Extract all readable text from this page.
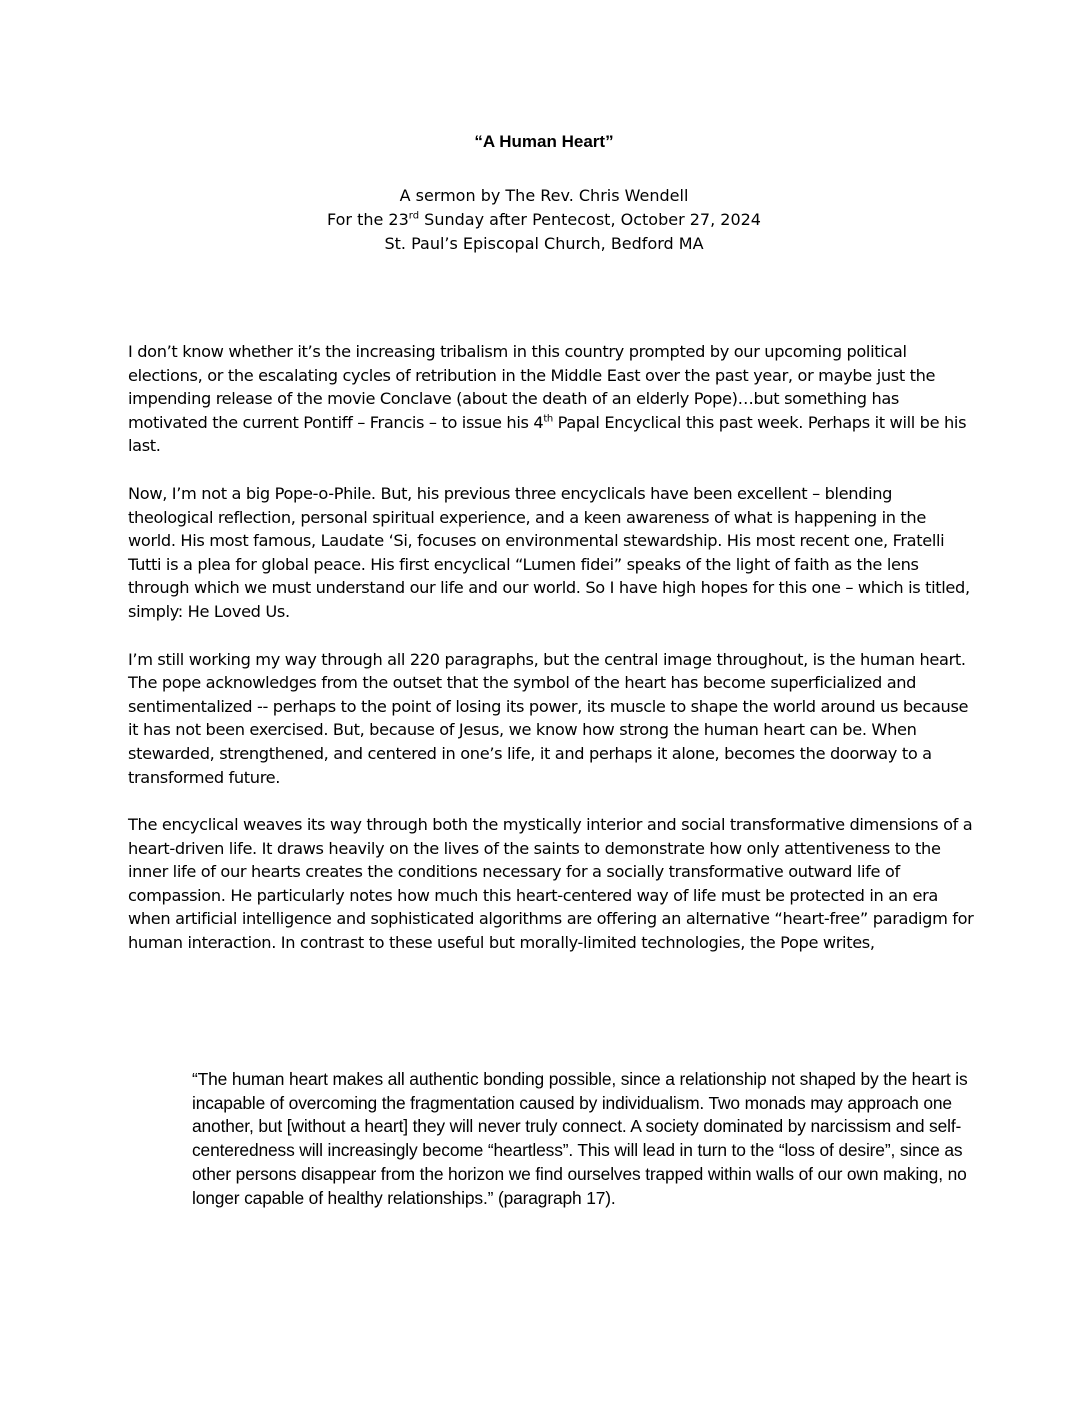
“A Human Heart”
A sermon by The Rev. Chris Wendell
For the 23rd Sunday after Pentecost, October 27, 2024
St. Paul’s Episcopal Church, Bedford MA

I don’t know whether it’s the increasing tribalism in this country prompted by our upcoming political elections, or the escalating cycles of retribution in the Middle East over the past year, or maybe just the impending release of the movie Conclave (about the death of an elderly Pope)…but something has motivated the current Pontiff – Francis – to issue his 4th Papal Encyclical this past week. Perhaps it will be his last.

Now, I’m not a big Pope-o-Phile. But, his previous three encyclicals have been excellent – blending theological reflection, personal spiritual experience, and a keen awareness of what is happening in the world. His most famous, Laudate ‘Si, focuses on environmental stewardship. His most recent one, Fratelli Tutti is a plea for global peace. His first encyclical “Lumen fidei” speaks of the light of faith as the lens through which we must understand our life and our world. So I have high hopes for this one – which is titled, simply: He Loved Us.

I’m still working my way through all 220 paragraphs, but the central image throughout, is the human heart. The pope acknowledges from the outset that the symbol of the heart has become superficialized and sentimentalized -- perhaps to the point of losing its power, its muscle to shape the world around us because it has not been exercised. But, because of Jesus, we know how strong the human heart can be. When stewarded, strengthened, and centered in one’s life, it and perhaps it alone, becomes the doorway to a transformed future.

The encyclical weaves its way through both the mystically interior and social transformative dimensions of a heart-driven life. It draws heavily on the lives of the saints to demonstrate how only attentiveness to the inner life of our hearts creates the conditions necessary for a socially transformative outward life of compassion. He particularly notes how much this heart-centered way of life must be protected in an era when artificial intelligence and sophisticated algorithms are offering an alternative “heart-free” paradigm for human interaction. In contrast to these useful but morally-limited technologies, the Pope writes,

“The human heart makes all authentic bonding possible, since a relationship not shaped by the heart is incapable of overcoming the fragmentation caused by individualism. Two monads may approach one another, but [without a heart] they will never truly connect. A society dominated by narcissism and self-centeredness will increasingly become “heartless”. This will lead in turn to the “loss of desire”, since as other persons disappear from the horizon we find ourselves trapped within walls of our own making, no longer capable of healthy relationships.” (paragraph 17).
